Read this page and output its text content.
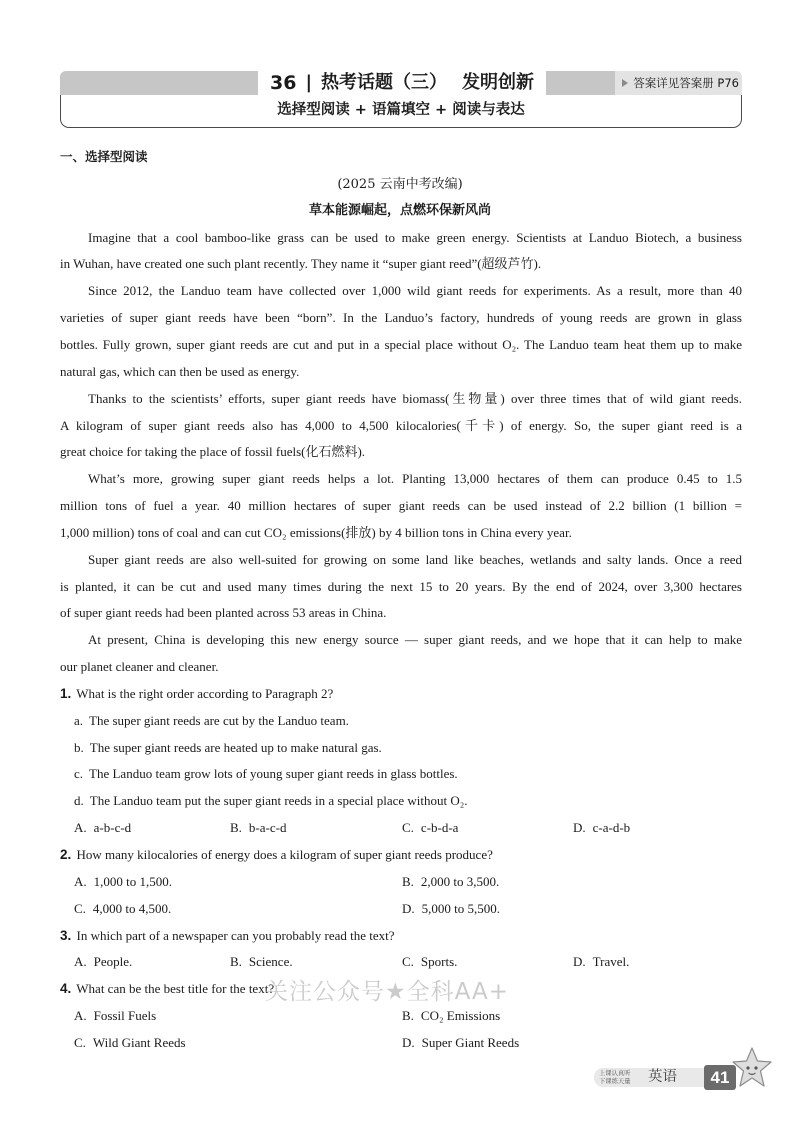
36 | 热考话题（三） 发明创新	答案详见答案册 P76
选择型阅读 + 语篇填空 + 阅读与表达
一、选择型阅读
(2025 云南中考改编)
草本能源崛起，点燃环保新风尚
Imagine that a cool bamboo-like grass can be used to make green energy. Scientists at Landuo Biotech, a business
in Wuhan, have created one such plant recently. They name it “super giant reed”(超级芦竹).
Since 2012, the Landuo team have collected over 1,000 wild giant reeds for experiments. As a result, more than 40
varieties of super giant reeds have been “born”. In the Landuo’s factory, hundreds of young reeds are grown in glass
bottles. Fully grown, super giant reeds are cut and put in a special place without O₂. The Landuo team heat them up to make
natural gas, which can then be used as energy.
Thanks to the scientists’ efforts, super giant reeds have biomass(生物量) over three times that of wild giant reeds.
A kilogram of super giant reeds also has 4,000 to 4,500 kilocalories(千卡) of energy. So, the super giant reed is a
great choice for taking the place of fossil fuels(化石燃料).
What’s more, growing super giant reeds helps a lot. Planting 13,000 hectares of them can produce 0.45 to 1.5
million tons of fuel a year. 40 million hectares of super giant reeds can be used instead of 2.2 billion (1 billion =
1,000 million) tons of coal and can cut CO₂ emissions(排放) by 4 billion tons in China every year.
Super giant reeds are also well-suited for growing on some land like beaches, wetlands and salty lands. Once a reed
is planted, it can be cut and used many times during the next 15 to 20 years. By the end of 2024, over 3,300 hectares
of super giant reeds had been planted across 53 areas in China.
At present, China is developing this new energy source — super giant reeds, and we hope that it can help to make
our planet cleaner and cleaner.
1. What is the right order according to Paragraph 2?
a. The super giant reeds are cut by the Landuo team.
b. The super giant reeds are heated up to make natural gas.
c. The Landuo team grow lots of young super giant reeds in glass bottles.
d. The Landuo team put the super giant reeds in a special place without O₂.
A. a-b-c-d	B. b-a-c-d	C. c-b-d-a	D. c-a-d-b
2. How many kilocalories of energy does a kilogram of super giant reeds produce?
A. 1,000 to 1,500.	B. 2,000 to 3,500.
C. 4,000 to 4,500.	D. 5,000 to 5,500.
3. In which part of a newspaper can you probably read the text?
A. People.	B. Science.	C. Sports.	D. Travel.
4. What can be the best title for the text?
A. Fossil Fuels	B. CO₂ Emissions
C. Wild Giant Reeds	D. Super Giant Reeds
关注公众号★全科AA+
上课认真听
下课练天量 英语	41
